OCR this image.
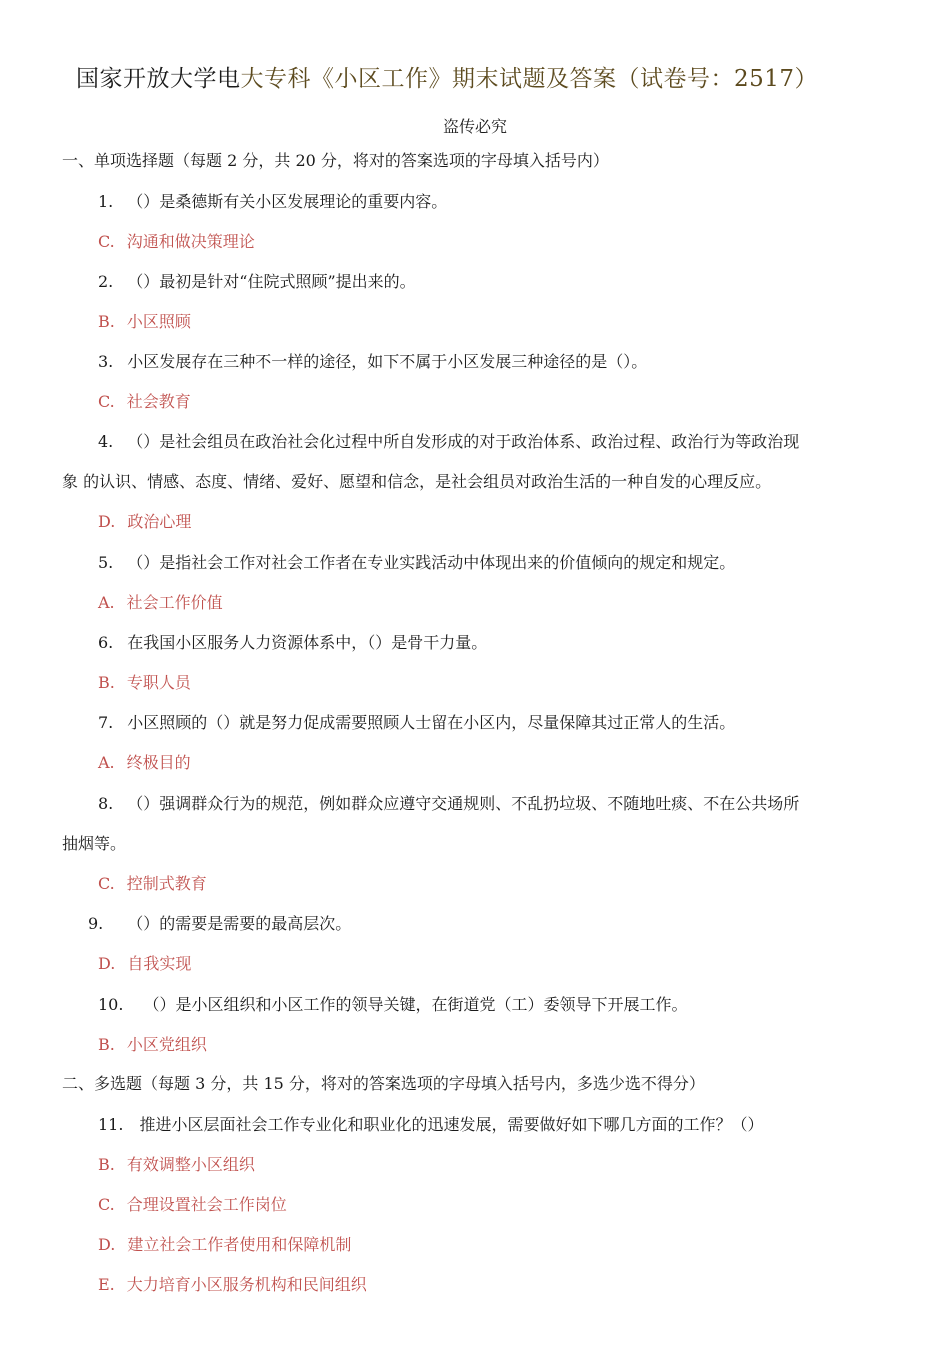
国家开放大学电大专科《小区工作》期末试题及答案（试卷号：2517）
盗传必究
一、单项选择题（每题 2 分，共 20 分，将对的答案选项的字母填入括号内）
1. （）是桑德斯有关小区发展理论的重要内容。
C. 沟通和做决策理论
2. （）最初是针对“住院式照顾”提出来的。
B. 小区照顾
3. 小区发展存在三种不一样的途径，如下不属于小区发展三种途径的是（）。
C. 社会教育
4. （）是社会组员在政治社会化过程中所自发形成的对于政治体系、政治过程、政治行为等政治现
象 的认识、情感、态度、情绪、爱好、愿望和信念，是社会组员对政治生活的一种自发的心理反应。
D. 政治心理
5. （）是指社会工作对社会工作者在专业实践活动中体现出来的价值倾向的规定和规定。
A. 社会工作价值
6. 在我国小区服务人力资源体系中，（）是骨干力量。
B. 专职人员
7. 小区照顾的（）就是努力促成需要照顾人士留在小区内，尽量保障其过正常人的生活。
A. 终极目的
8. （）强调群众行为的规范，例如群众应遵守交通规则、不乱扔垃圾、不随地吐痰、不在公共场所
抽烟等。
C. 控制式教育
9. （）的需要是需要的最高层次。
D. 自我实现
10. （）是小区组织和小区工作的领导关键，在街道党（工）委领导下开展工作。
B. 小区党组织
二、多选题（每题 3 分，共 15 分，将对的答案选项的字母填入括号内，多选少选不得分）
11. 推进小区层面社会工作专业化和职业化的迅速发展，需要做好如下哪几方面的工作？（）
B. 有效调整小区组织
C. 合理设置社会工作岗位
D. 建立社会工作者使用和保障机制
E. 大力培育小区服务机构和民间组织
